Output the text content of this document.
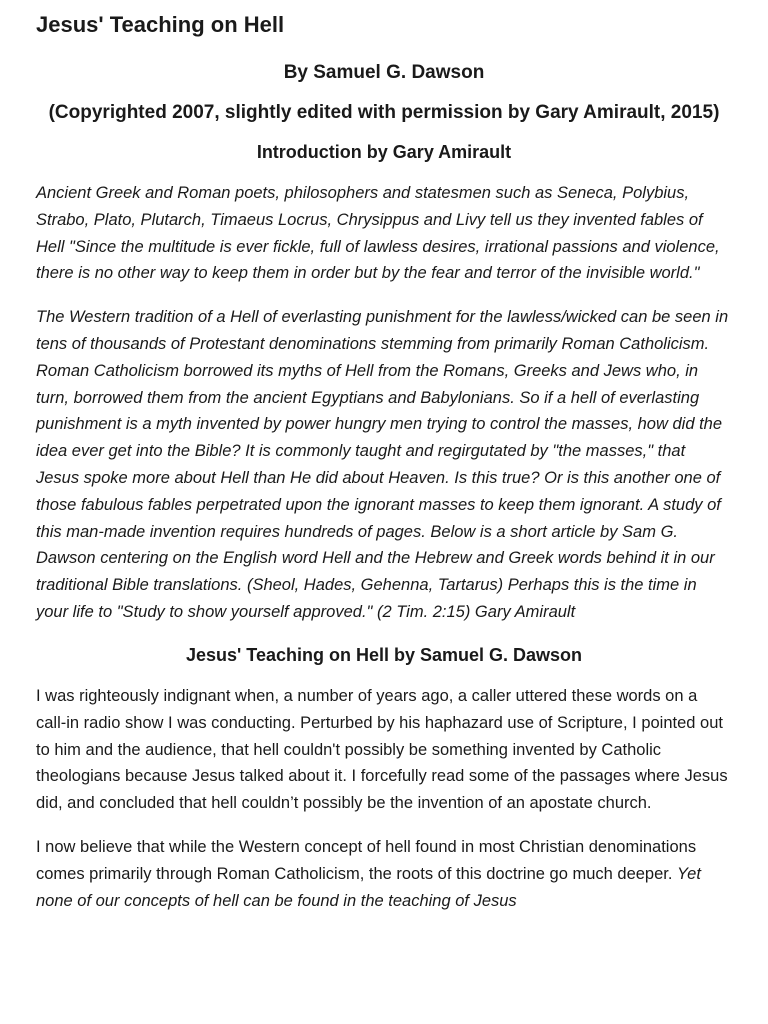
Jesus' Teaching on Hell
By Samuel G. Dawson
(Copyrighted 2007, slightly edited with permission by Gary Amirault, 2015)
Introduction by Gary Amirault

Ancient Greek and Roman poets, philosophers and statesmen such as Seneca, Polybius, Strabo, Plato, Plutarch, Timaeus Locrus, Chrysippus and Livy tell us they invented fables of Hell "Since the multitude is ever fickle, full of lawless desires, irrational passions and violence, there is no other way to keep them in order but by the fear and terror of the invisible world."

The Western tradition of a Hell of everlasting punishment for the lawless/wicked can be seen in tens of thousands of Protestant denominations stemming from primarily Roman Catholicism. Roman Catholicism borrowed its myths of Hell from the Romans, Greeks and Jews who, in turn, borrowed them from the ancient Egyptians and Babylonians. So if a hell of everlasting punishment is a myth invented by power hungry men trying to control the masses, how did the idea ever get into the Bible? It is commonly taught and regirgutated by "the masses," that Jesus spoke more about Hell than He did about Heaven. Is this true? Or is this another one of those fabulous fables perpetrated upon the ignorant masses to keep them ignorant. A study of this man-made invention requires hundreds of pages. Below is a short article by Sam G. Dawson centering on the English word Hell and the Hebrew and Greek words behind it in our traditional Bible translations. (Sheol, Hades, Gehenna, Tartarus) Perhaps this is the time in your life to "Study to show yourself approved." (2 Tim. 2:15) Gary Amirault

Jesus' Teaching on Hell by Samuel G. Dawson

I was righteously indignant when, a number of years ago, a caller uttered these words on a call-in radio show I was conducting. Perturbed by his haphazard use of Scripture, I pointed out to him and the audience, that hell couldn't possibly be something invented by Catholic theologians because Jesus talked about it. I forcefully read some of the passages where Jesus did, and concluded that hell couldn’t possibly be the invention of an apostate church.

I now believe that while the Western concept of hell found in most Christian denominations comes primarily through Roman Catholicism, the roots of this doctrine go much deeper. Yet none of our concepts of hell can be found in the teaching of Jesus
